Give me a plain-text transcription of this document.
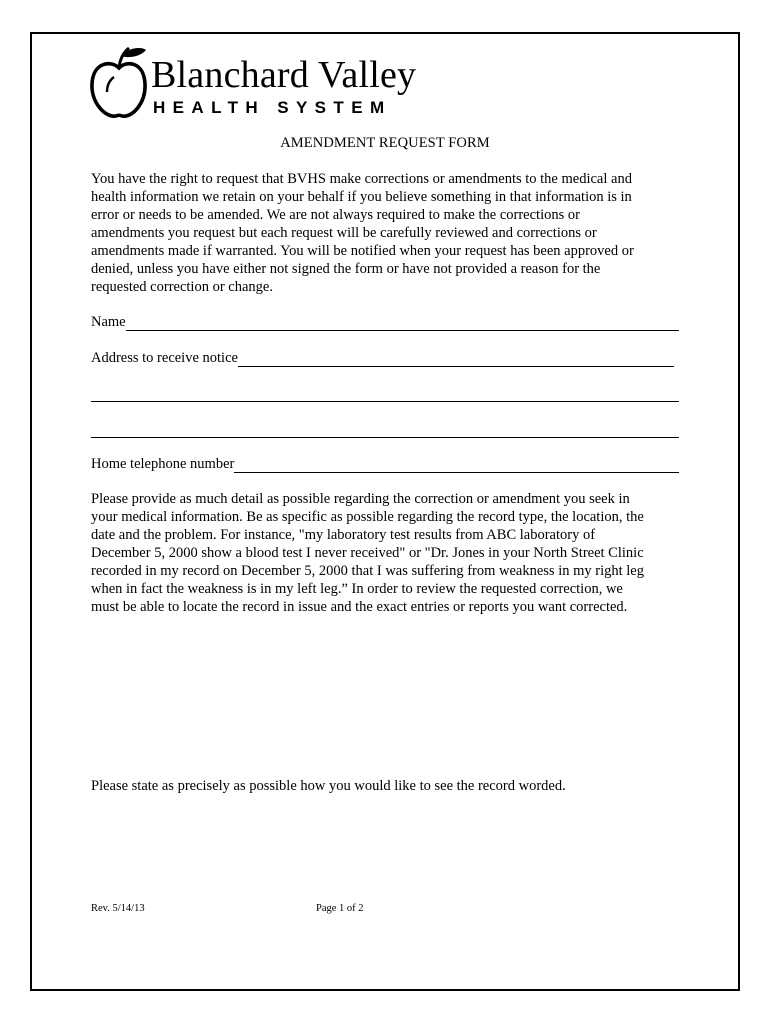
Blanchard Valley
HEALTH SYSTEM
AMENDMENT REQUEST FORM
You have the right to request that BVHS make corrections or amendments to the medical and
health information we retain on your behalf if you believe something in that information is in
error or needs to be amended. We are not always required to make the corrections or
amendments you request but each request will be carefully reviewed and corrections or
amendments made if warranted. You will be notified when your request has been approved or
denied, unless you have either not signed the form or have not provided a reason for the
requested correction or change.
Name
Address to receive notice
Home telephone number
Please provide as much detail as possible regarding the correction or amendment you seek in
your medical information. Be as specific as possible regarding the record type, the location, the
date and the problem. For instance, "my laboratory test results from ABC laboratory of
December 5, 2000 show a blood test I never received" or "Dr. Jones in your North Street Clinic
recorded in my record on December 5, 2000 that I was suffering from weakness in my right leg
when in fact the weakness is in my left leg.” In order to review the requested correction, we
must be able to locate the record in issue and the exact entries or reports you want corrected.
Please state as precisely as possible how you would like to see the record worded.
Rev. 5/14/13	Page 1 of 2
